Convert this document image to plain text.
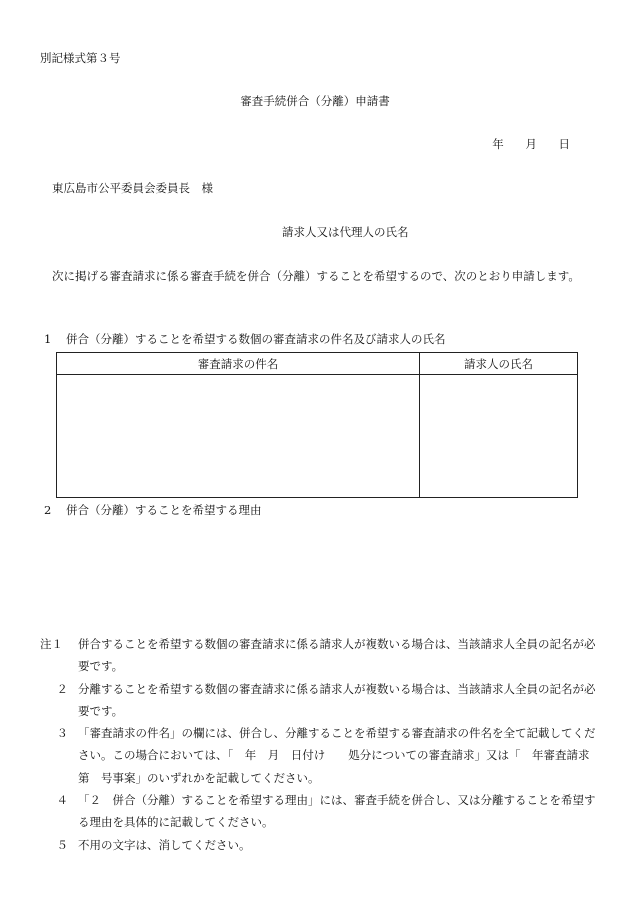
別記様式第３号
審査手続併合（分離）申請書
年 月 日
東広島市公平委員会委員長　様
請求人又は代理人の氏名
次に掲げる審査請求に係る審査手続を併合（分離）することを希望するので、次のとおり申請します。
1 併合（分離）することを希望する数個の審査請求の件名及び請求人の氏名
審査請求の件名	請求人の氏名

2 併合（分離）することを希望する理由
注１	併合することを希望する数個の審査請求に係る請求人が複数いる場合は、当該請求人全員の記名が必要です。
２ 分離することを希望する数個の審査請求に係る請求人が複数いる場合は、当該請求人全員の記名が必要です。
３ 「審査請求の件名」の欄には、併合し、分離することを希望する審査請求の件名を全て記載してください。この場合においては、「　年　月　日付け　　処分についての審査請求」又は「　年審査請求第　号事案」のいずれかを記載してください。
４ 「２　併合（分離）することを希望する理由」には、審査手続を併合し、又は分離することを希望する理由を具体的に記載してください。
５ 不用の文字は、消してください。
